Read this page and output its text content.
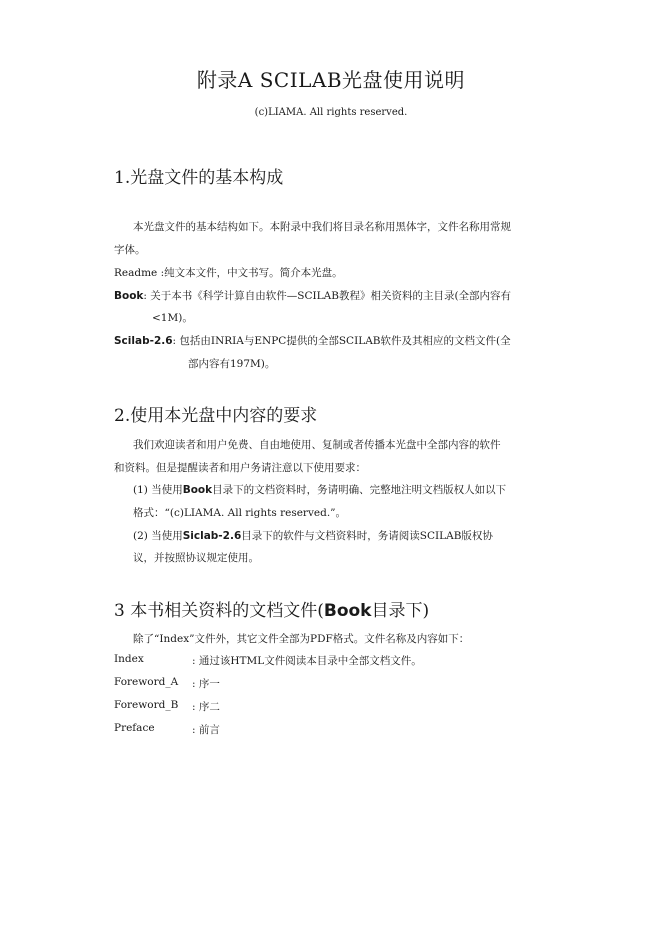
附录A SCILAB光盘使用说明
(c)LIAMA. All rights reserved.
1.光盘文件的基本构成
本光盘文件的基本结构如下。本附录中我们将目录名称用黑体字，文件名称用常规
字体。
Readme :纯文本文件，中文书写。简介本光盘。
Book: 关于本书《科学计算自由软件—SCILAB教程》相关资料的主目录(全部内容有
<1M)。
Scilab-2.6: 包括由INRIA与ENPC提供的全部SCILAB软件及其相应的文档文件(全
部内容有197M)。
2.使用本光盘中内容的要求
我们欢迎读者和用户免费、自由地使用、复制或者传播本光盘中全部内容的软件
和资料。但是提醒读者和用户务请注意以下使用要求：
(1) 当使用Book目录下的文档资料时，务请明确、完整地注明文档版权人如以下
格式：“(c)LIAMA. All rights reserved.”。
(2) 当使用Siclab-2.6目录下的软件与文档资料时，务请阅读SCILAB版权协
议，并按照协议规定使用。
3 本书相关资料的文档文件(Book目录下)
除了“Index”文件外，其它文件全部为PDF格式。文件名称及内容如下：
Index	: 通过该HTML文件阅读本目录中全部文档文件。
Foreword_A	: 序一
Foreword_B	: 序二
Preface	: 前言
